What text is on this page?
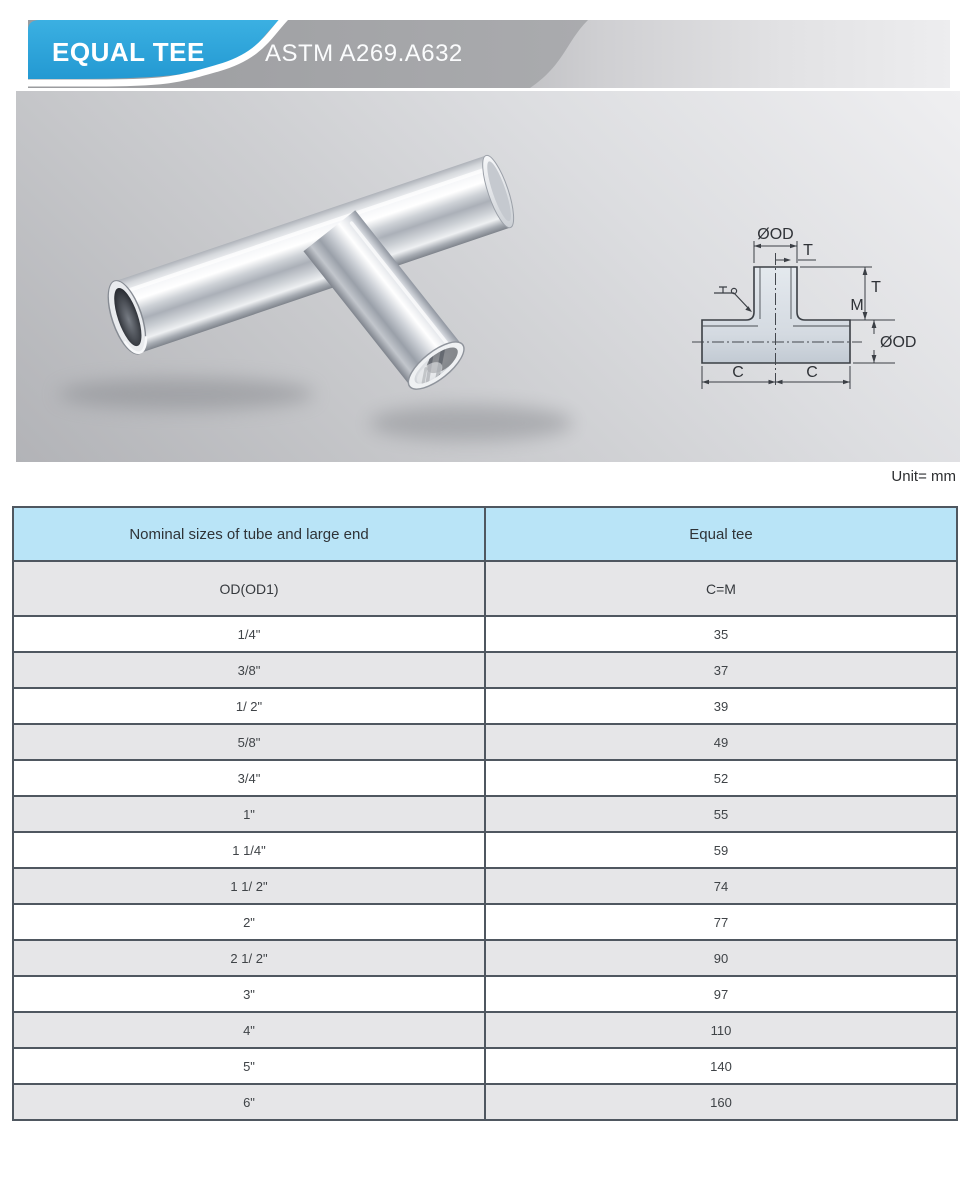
EQUAL TEE	ASTM A269.A632
ØOD
T
T
M
ØOD
C	C
Unit= mm
Nominal sizes of tube and large end	Equal tee
OD(OD1)	C=M
1/4"	35
3/8"	37
1/ 2"	39
5/8"	49
3/4"	52
1"	55
1 1/4"	59
1 1/ 2"	74
2"	77
2 1/ 2"	90
3"	97
4"	110
5"	140
6"	160
